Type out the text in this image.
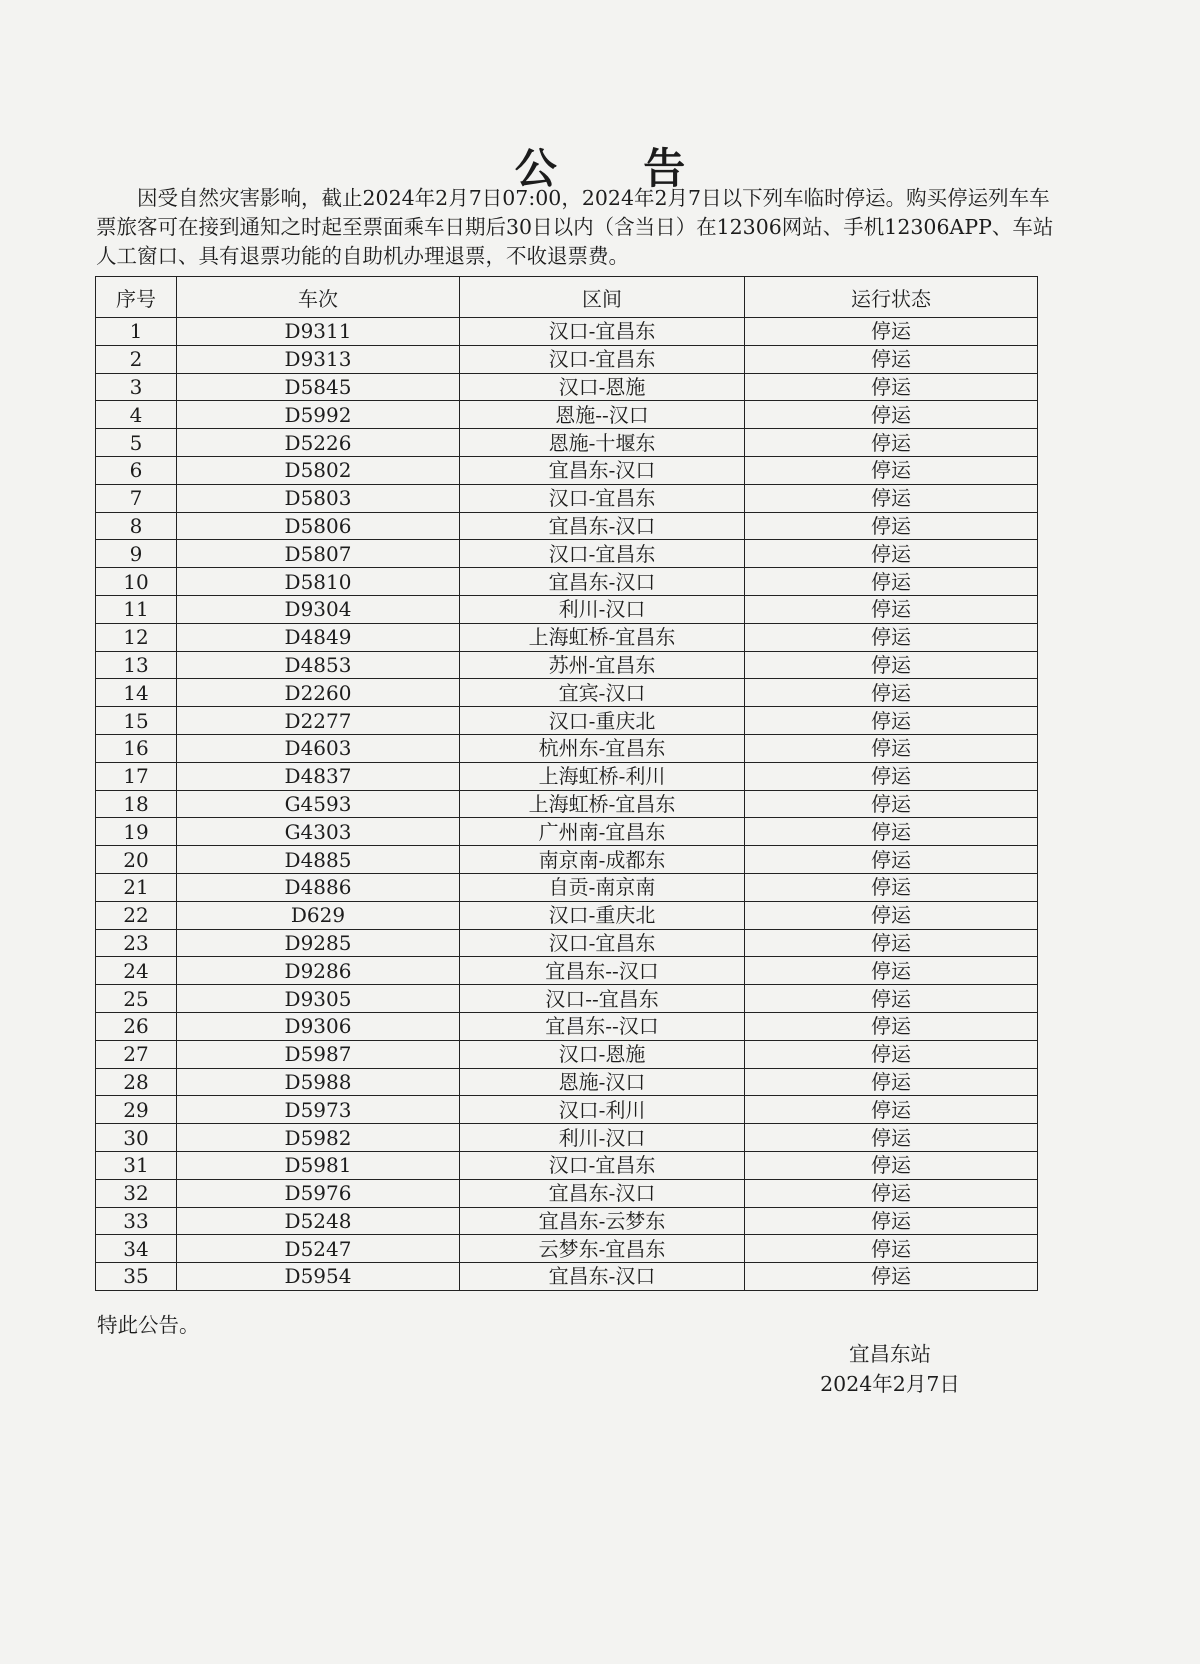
公 告
因受自然灾害影响，截止2024年2月7日07:00，2024年2月7日以下列车临时停运。购买停运列车车票旅客可在接到通知之时起至票面乘车日期后30日以内（含当日）在12306网站、手机12306APP、车站人工窗口、具有退票功能的自助机办理退票，不收退票费。
序号	车次	区间	运行状态
1	D9311	汉口-宜昌东	停运
2	D9313	汉口-宜昌东	停运
3	D5845	汉口-恩施	停运
4	D5992	恩施--汉口	停运
5	D5226	恩施-十堰东	停运
6	D5802	宜昌东-汉口	停运
7	D5803	汉口-宜昌东	停运
8	D5806	宜昌东-汉口	停运
9	D5807	汉口-宜昌东	停运
10	D5810	宜昌东-汉口	停运
11	D9304	利川-汉口	停运
12	D4849	上海虹桥-宜昌东	停运
13	D4853	苏州-宜昌东	停运
14	D2260	宜宾-汉口	停运
15	D2277	汉口-重庆北	停运
16	D4603	杭州东-宜昌东	停运
17	D4837	上海虹桥-利川	停运
18	G4593	上海虹桥-宜昌东	停运
19	G4303	广州南-宜昌东	停运
20	D4885	南京南-成都东	停运
21	D4886	自贡-南京南	停运
22	D629	汉口-重庆北	停运
23	D9285	汉口-宜昌东	停运
24	D9286	宜昌东--汉口	停运
25	D9305	汉口--宜昌东	停运
26	D9306	宜昌东--汉口	停运
27	D5987	汉口-恩施	停运
28	D5988	恩施-汉口	停运
29	D5973	汉口-利川	停运
30	D5982	利川-汉口	停运
31	D5981	汉口-宜昌东	停运
32	D5976	宜昌东-汉口	停运
33	D5248	宜昌东-云梦东	停运
34	D5247	云梦东-宜昌东	停运
35	D5954	宜昌东-汉口	停运
特此公告。
宜昌东站
2024年2月7日
